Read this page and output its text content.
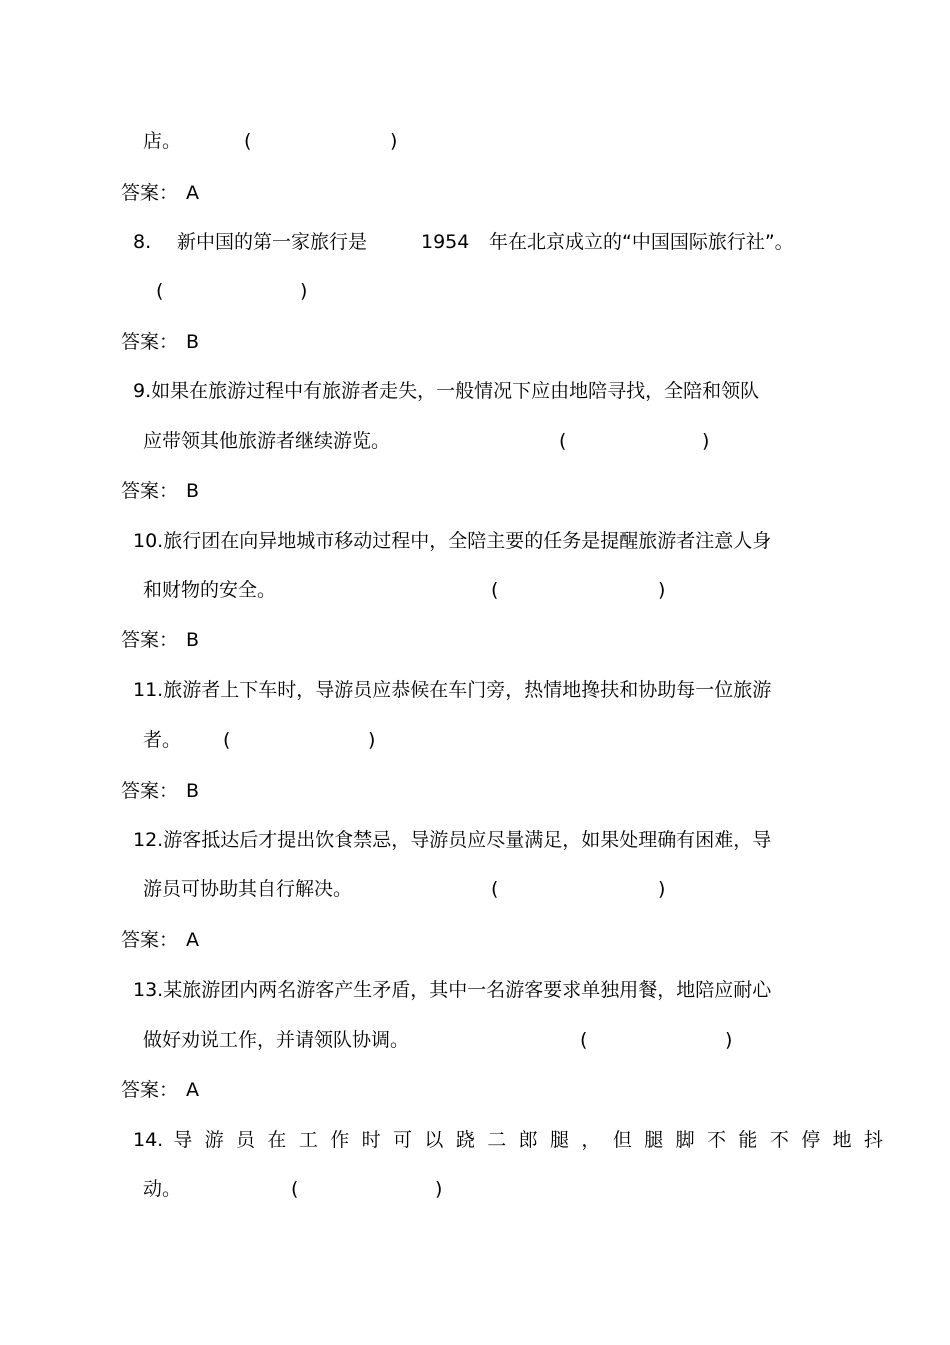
店。	(	)
答案： A
8. 新中国的第一家旅行是	1954 年在北京成立的“中国国际旅行社”。
(	)
答案： B
9.如果在旅游过程中有旅游者走失，一般情况下应由地陪寻找，全陪和领队
应带领其他旅游者继续游览。	(	)
答案： B
10.旅行团在向异地城市移动过程中，全陪主要的任务是提醒旅游者注意人身
和财物的安全。	(	)
答案： B
11.旅游者上下车时，导游员应恭候在车门旁，热情地搀扶和协助每一位旅游
者。 (	)
答案： B
12.游客抵达后才提出饮食禁忌，导游员应尽量满足，如果处理确有困难，导
游员可协助其自行解决。	(	)
答案： A
13.某旅游团内两名游客产生矛盾，其中一名游客要求单独用餐，地陪应耐心
做好劝说工作，并请领队协调。	(	)
答案： A
14. 导游员在工作时可以跷二郎腿，但腿脚不能不停地抖
动。	(	)
